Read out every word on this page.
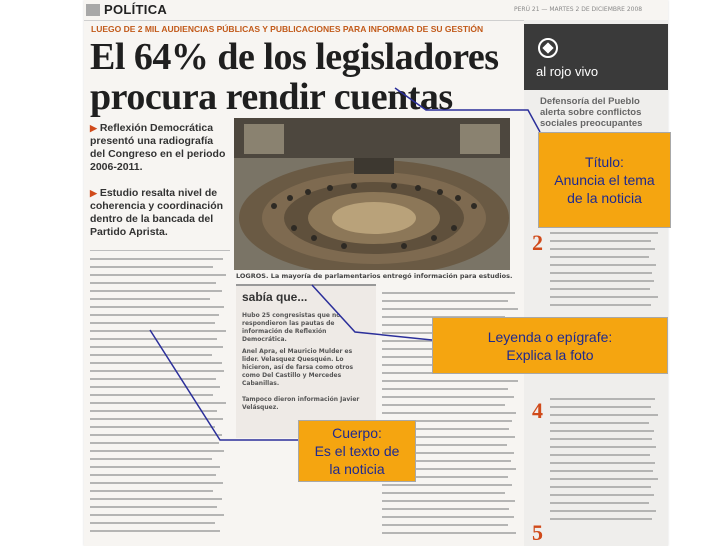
POLÍTICA	PERÚ 21 — MARTES 2 DE DICIEMBRE 2008
LUEGO DE 2 MIL AUDIENCIAS PÚBLICAS Y PUBLICACIONES PARA INFORMAR DE SU GESTIÓN
El 64% de los legisladores
procura rendir cuentas
▶ Reflexión Democrática presentó una radiografía del Congreso en el periodo 2006-2011.
▶ Estudio resalta nivel de coherencia y coordinación dentro de la bancada del Partido Aprista.
LOGROS. La mayoría de parlamentarios entregó información para estudios.
sabía que...
Hubo 25 congresistas que no respondieron las pautas de información de Reflexión Democrática.
Anel Apra, el Mauricio Mulder es lider. Velasquez Quesquén. Lo hicieron, así de farsa como otros como Del Castillo y Mercedes Cabanillas.
Tampoco dieron información Javier Velásquez.
al rojo vivo
Defensoría del Pueblo alerta sobre conflictos sociales preocupantes
2
4
5
Título:
Anuncia el tema
de la noticia
Leyenda o epígrafe:
Explica la foto
Cuerpo:
Es el texto de
la noticia
